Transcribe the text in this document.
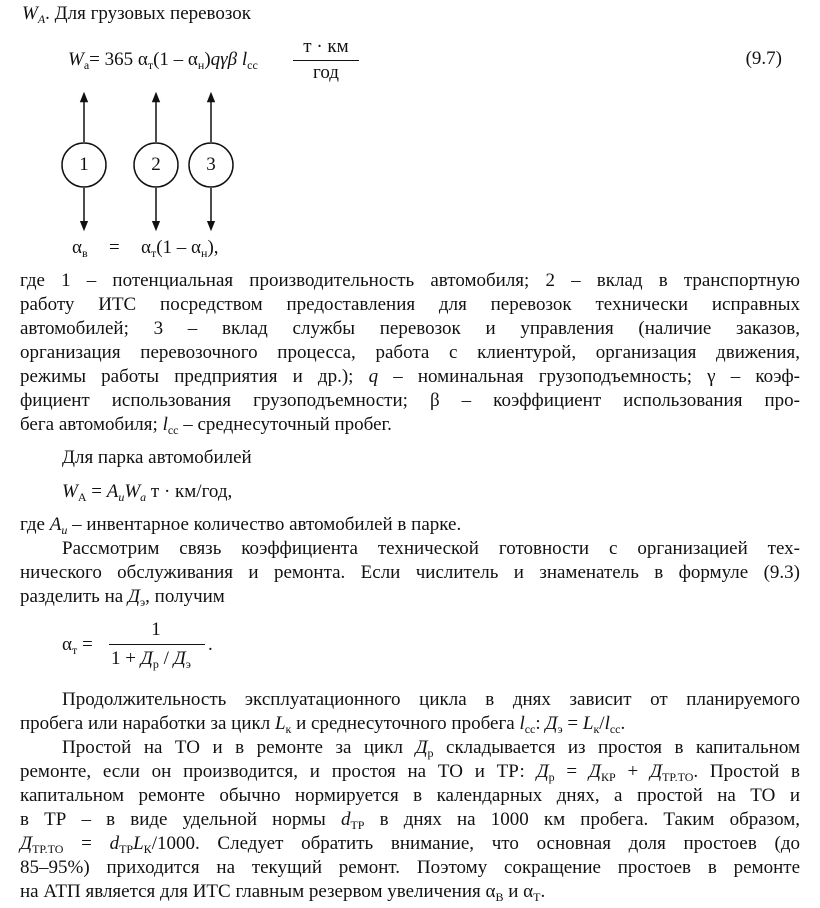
$W_A$. Для грузовых перевозок
$W_а= 365$ $\alpha_т(1 - \alpha_н)q\gamma\beta$ $l_{сс}$
т · км
год
(9.7)
1	2 3
$\alpha_в = \alpha_т(1 - \alpha_н)$,
где 1 – потенциальная производительность автомобиля; 2 – вклад в транспортную
работу ИТС посредством предоставления для перевозок технически исправных
автомобилей; 3 – вклад службы перевозок и управления (наличие заказов,
организация перевозочного процесса, работа с клиентурой, организация движения,
режимы работы предприятия и др.); q – номинальная грузоподъемность; γ – коэф-
фициент использования грузоподъемности; β – коэффициент использования про-
бега автомобиля; $l_{сс}$ – среднесуточный пробег.
Для парка автомобилей
$W_A = A_иW_a$ т · км/год,
где $A_и$ – инвентарное количество автомобилей в парке.
Рассмотрим связь коэффициента технической готовности с организацией тех-
нического обслуживания и ремонта. Если числитель и знаменатель в формуле (9.3)
разделить на $Д_э$, получим
$\alpha_т$ =
1
$1 + Д_р / Д_э$
.
Продолжительность эксплуатационного цикла в днях зависит от планируемого
пробега или наработки за цикл $L_к$ и среднесуточного пробега $l_{сс}$: $Д_э = L_к/l_{сс}$.
Простой на ТО и в ремонте за цикл $Д_р$ складывается из простоя в капитальном
ремонте, если он производится, и простоя на ТО и ТР: $Д_р = Д_{КР} + Д_{ТР.ТО}$. Простой в
капитальном ремонте обычно нормируется в календарных днях, а простой на ТО и
в ТР – в виде удельной нормы $d_{ТР}$ в днях на 1000 км пробега. Таким образом,
$Д_{ТР.ТО} = d_{ТР}L_К/1000$. Следует обратить внимание, что основная доля простоев (до
85–95%) приходится на текущий ремонт. Поэтому сокращение простоев в ремонте
на АТП является для ИТС главным резервом увеличения $\alpha_В$ и $\alpha_Т$.
